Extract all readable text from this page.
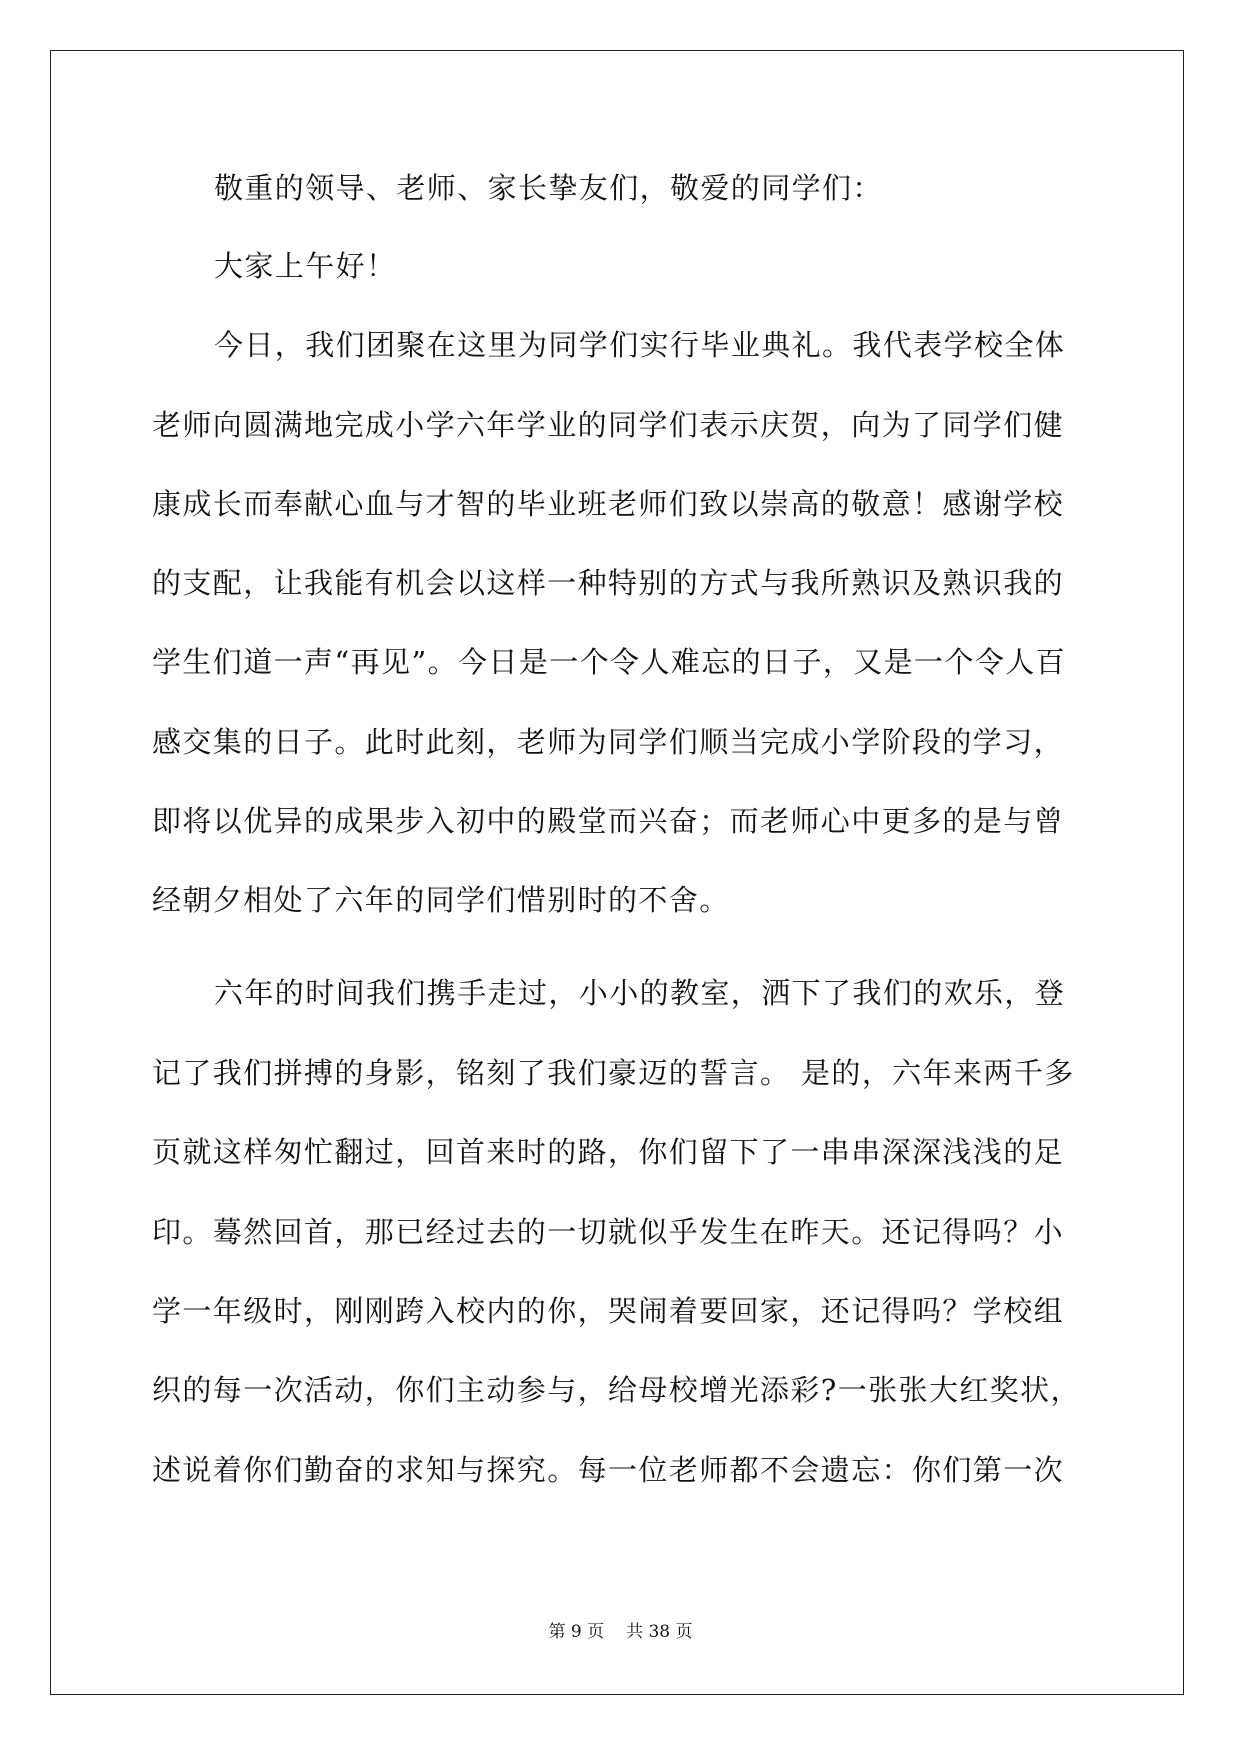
敬重的领导、老师、家长挚友们，敬爱的同学们：
大家上午好！
今日，我们团聚在这里为同学们实行毕业典礼。我代表学校全体
老师向圆满地完成小学六年学业的同学们表示庆贺，向为了同学们健
康成长而奉献心血与才智的毕业班老师们致以崇高的敬意！感谢学校
的支配，让我能有机会以这样一种特别的方式与我所熟识及熟识我的
学生们道一声“再见”。今日是一个令人难忘的日子，又是一个令人百
感交集的日子。此时此刻，老师为同学们顺当完成小学阶段的学习，
即将以优异的成果步入初中的殿堂而兴奋；而老师心中更多的是与曾
经朝夕相处了六年的同学们惜别时的不舍。
六年的时间我们携手走过，小小的教室，洒下了我们的欢乐，登
记了我们拼搏的身影，铭刻了我们豪迈的誓言。 是的，六年来两千多
页就这样匆忙翻过，回首来时的路，你们留下了一串串深深浅浅的足
印。蓦然回首，那已经过去的一切就似乎发生在昨天。还记得吗？小
学一年级时，刚刚跨入校内的你，哭闹着要回家，还记得吗？学校组
织的每一次活动，你们主动参与，给母校增光添彩?一张张大红奖状，
述说着你们勤奋的求知与探究。每一位老师都不会遗忘：你们第一次
第 9 页 共 38 页
